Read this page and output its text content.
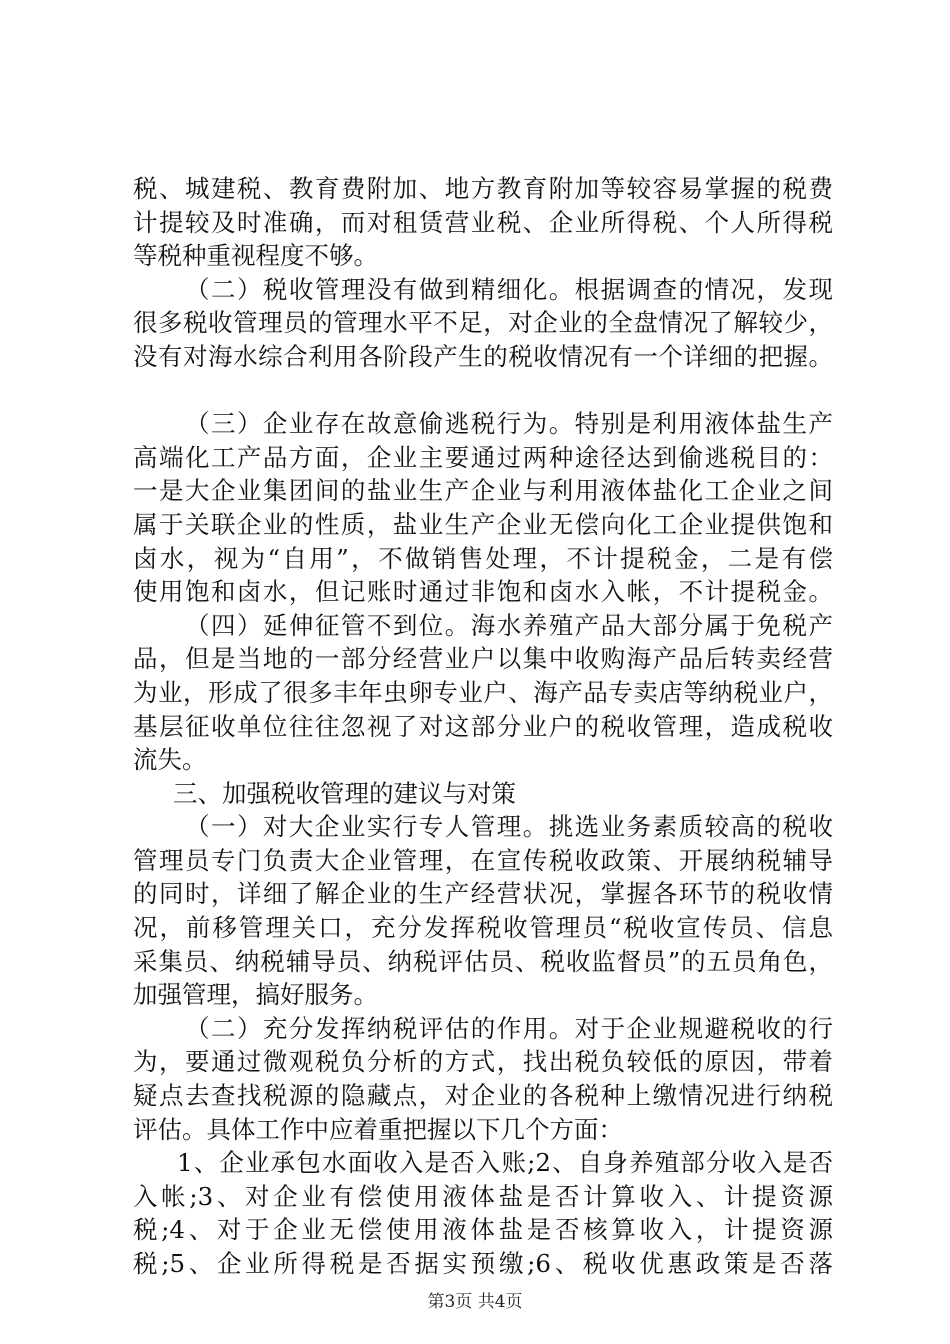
税、城建税、教育费附加、地方教育附加等较容易掌握的税费
计提较及时准确，而对租赁营业税、企业所得税、个人所得税
等税种重视程度不够。
（二）税收管理没有做到精细化。根据调查的情况，发现
很多税收管理员的管理水平不足，对企业的全盘情况了解较少，
没有对海水综合利用各阶段产生的税收情况有一个详细的把握。
（三）企业存在故意偷逃税行为。特别是利用液体盐生产
高端化工产品方面，企业主要通过两种途径达到偷逃税目的：
一是大企业集团间的盐业生产企业与利用液体盐化工企业之间
属于关联企业的性质，盐业生产企业无偿向化工企业提供饱和
卤水，视为“自用”，不做销售处理，不计提税金，二是有偿
使用饱和卤水，但记账时通过非饱和卤水入帐，不计提税金。
（四）延伸征管不到位。海水养殖产品大部分属于免税产
品，但是当地的一部分经营业户以集中收购海产品后转卖经营
为业，形成了很多丰年虫卵专业户、海产品专卖店等纳税业户，
基层征收单位往往忽视了对这部分业户的税收管理，造成税收
流失。
三、加强税收管理的建议与对策
（一）对大企业实行专人管理。挑选业务素质较高的税收
管理员专门负责大企业管理，在宣传税收政策、开展纳税辅导
的同时，详细了解企业的生产经营状况，掌握各环节的税收情
况，前移管理关口，充分发挥税收管理员“税收宣传员、信息
采集员、纳税辅导员、纳税评估员、税收监督员”的五员角色，
加强管理，搞好服务。
（二）充分发挥纳税评估的作用。对于企业规避税收的行
为，要通过微观税负分析的方式，找出税负较低的原因，带着
疑点去查找税源的隐藏点，对企业的各税种上缴情况进行纳税
评估。具体工作中应着重把握以下几个方面：
1、企业承包水面收入是否入账;2、自身养殖部分收入是否
入帐;3、对企业有偿使用液体盐是否计算收入、计提资源
税;4、对于企业无偿使用液体盐是否核算收入，计提资源
税;5、企业所得税是否据实预缴;6、税收优惠政策是否落
第3页 共4页
